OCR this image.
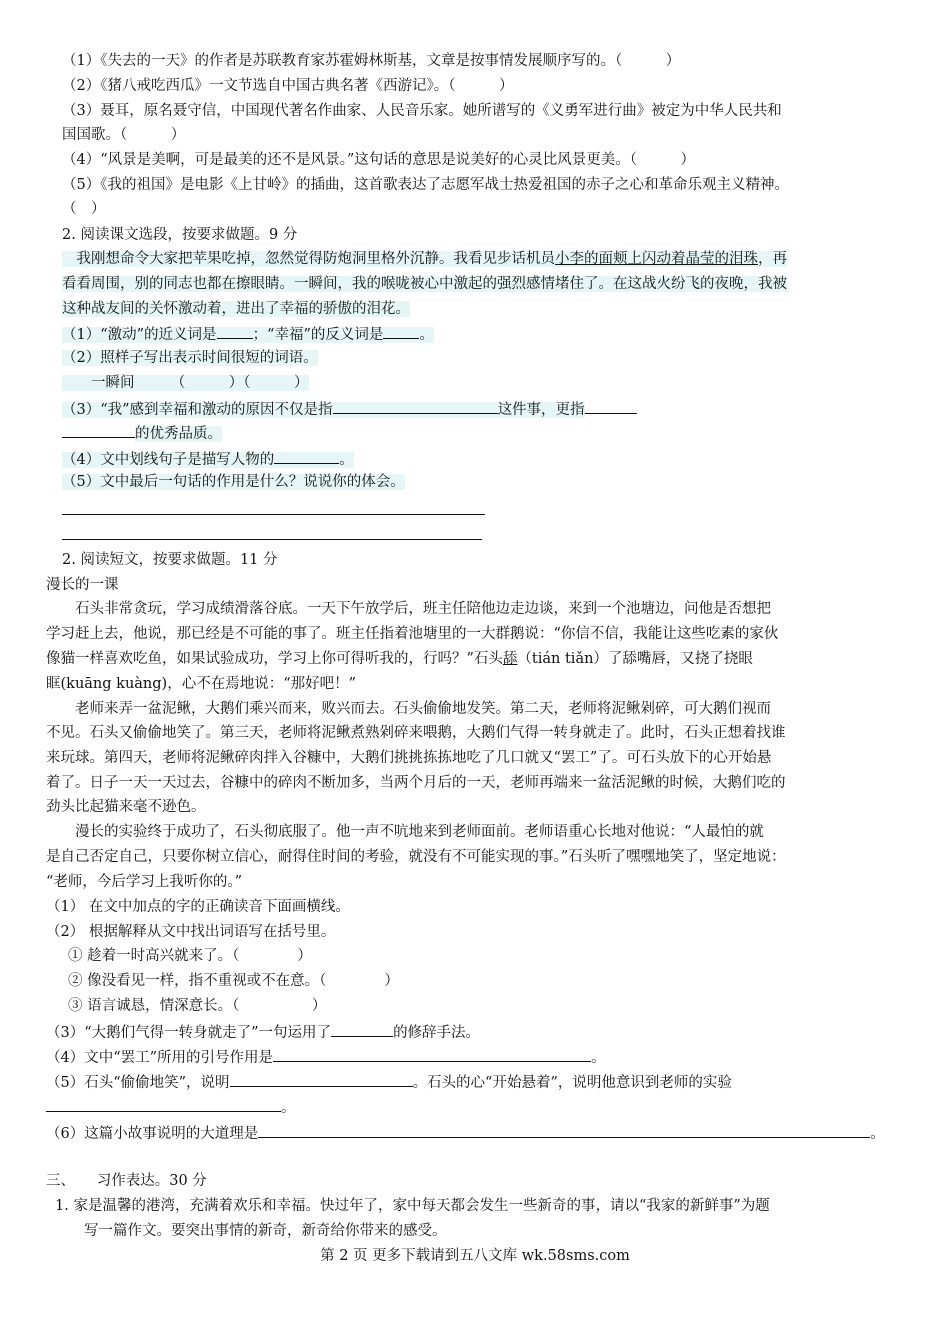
（1）《失去的一天》的作者是苏联教育家苏霍姆林斯基，文章是按事情发展顺序写的。（　　　）
（2）《猪八戒吃西瓜》一文节选自中国古典名著《西游记》。（　　　）
（3）聂耳，原名聂守信，中国现代著名作曲家、人民音乐家。她所谱写的《义勇军进行曲》被定为中华人民共和
国国歌。（　　　）
（4）“风景是美啊，可是最美的还不是风景。”这句话的意思是说美好的心灵比风景更美。（　　　）
（5）《我的祖国》是电影《上甘岭》的插曲，这首歌表达了志愿军战士热爱祖国的赤子之心和革命乐观主义精神。
（　）
2. 阅读课文选段，按要求做题。9 分
　我刚想命令大家把苹果吃掉，忽然觉得防炮洞里格外沉静。我看见步话机员小李的面颊上闪动着晶莹的泪珠，再
看看周围，别的同志也都在擦眼睛。一瞬间，我的喉咙被心中激起的强烈感情堵住了。在这战火纷飞的夜晚，我被
这种战友间的关怀激动着，进出了幸福的骄傲的泪花。
（1）“激动”的近义词是 ；“幸福”的反义词是 。
（2）照样子写出表示时间很短的词语。
　　一瞬间　　　（　　　）（　　　）
（3）“我”感到幸福和激动的原因不仅是指	这件事，更指
的优秀品质。
（4）文中划线句子是描写人物的	。
（5）文中最后一句话的作用是什么？说说你的体会。
2. 阅读短文，按要求做题。11 分
漫长的一课
　　石头非常贪玩，学习成绩滑落谷底。一天下午放学后，班主任陪他边走边谈，来到一个池塘边，问他是否想把
学习赶上去，他说，那已经是不可能的事了。班主任指着池塘里的一大群鹅说：“你信不信，我能让这些吃素的家伙
像猫一样喜欢吃鱼，如果试验成功，学习上你可得听我的，行吗？”石头舔（tián tiǎn）了舔嘴唇，又挠了挠眼
眶(kuāng kuàng)，心不在焉地说：“那好吧！”
　　老师来弄一盆泥鳅，大鹅们乘兴而来，败兴而去。石头偷偷地发笑。第二天，老师将泥鳅剁碎，可大鹅们视而
不见。石头又偷偷地笑了。第三天，老师将泥鳅煮熟剁碎来喂鹅，大鹅们气得一转身就走了。此时，石头正想着找谁
来玩球。第四天，老师将泥鳅碎肉拌入谷糠中，大鹅们挑挑拣拣地吃了几口就又“罢工”了。可石头放下的心开始悬
着了。日子一天一天过去，谷糠中的碎肉不断加多，当两个月后的一天，老师再端来一盆活泥鳅的时候，大鹅们吃的
劲头比起猫来毫不逊色。
　　漫长的实验终于成功了，石头彻底服了。他一声不吭地来到老师面前。老师语重心长地对他说：“人最怕的就
是自己否定自己，只要你树立信心，耐得住时间的考验，就没有不可能实现的事。”石头听了嘿嘿地笑了，坚定地说：
“老师，今后学习上我听你的。”
（1） 在文中加点的字的正确读音下面画横线。
（2） 根据解释从文中找出词语写在括号里。
① 趁着一时高兴就来了。（　　　　）
② 像没看见一样，指不重视或不在意。（　　　　）
③ 语言诚恳，情深意长。（　　　　　）
（3）“大鹅们气得一转身就走了”一句运用了	的修辞手法。
（4）文中“罢工”所用的引号作用是	。
（5）石头“偷偷地笑”，说明	。石头的心“开始悬着”，说明他意识到老师的实验
。
（6）这篇小故事说明的大道理是	。
三、　　习作表达。30 分
1. 家是温馨的港湾，充满着欢乐和幸福。快过年了，家中每天都会发生一些新奇的事，请以“我家的新鲜事”为题
写一篇作文。要突出事情的新奇，新奇给你带来的感受。
第 2 页 更多下载请到五八文库 wk.58sms.com
